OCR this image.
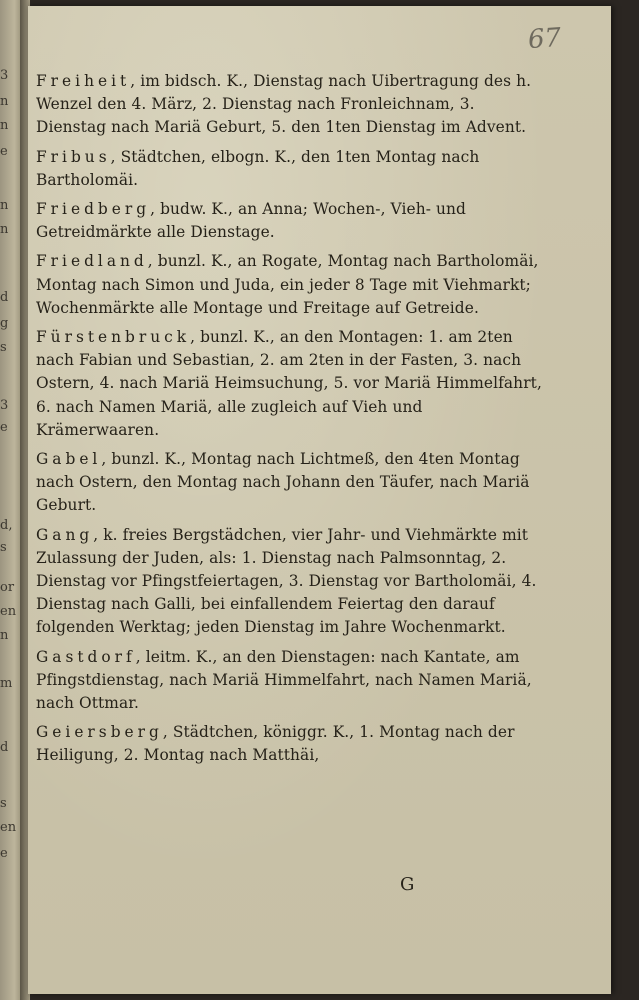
3
n
n
e
n
n
d
g
s
3
e
d,
s
or
en
n
m
d
s
en
e
67

Freiheit, im bidsch. K., Dienstag nach Uibertragung des h. Wenzel den 4. März, 2. Dienstag nach Fronleichnam, 3. Dienstag nach Mariä Geburt, 5. den 1ten Dienstag im Advent.

Fribus, Städtchen, elbogn. K., den 1ten Montag nach Bartholomäi.

Friedberg, budw. K., an Anna; Wochen-, Vieh- und Getreidmärkte alle Dienstage.

Friedland, bunzl. K., an Rogate, Montag nach Bartholomäi, Montag nach Simon und Juda, ein jeder 8 Tage mit Viehmarkt; Wochenmärkte alle Montage und Freitage auf Getreide.

Fürstenbruck, bunzl. K., an den Montagen: 1. am 2ten nach Fabian und Sebastian, 2. am 2ten in der Fasten, 3. nach Ostern, 4. nach Mariä Heimsuchung, 5. vor Mariä Himmelfahrt, 6. nach Namen Mariä, alle zugleich auf Vieh und Krämerwaaren.

Gabel, bunzl. K., Montag nach Lichtmeß, den 4ten Montag nach Ostern, den Montag nach Johann den Täufer, nach Mariä Geburt.

Gang, k. freies Bergstädchen, vier Jahr- und Viehmärkte mit Zulassung der Juden, als: 1. Dienstag nach Palmsonntag, 2. Dienstag vor Pfingstfeiertagen, 3. Dienstag vor Bartholomäi, 4. Dienstag nach Galli, bei einfallendem Feiertag den darauf folgenden Werktag; jeden Dienstag im Jahre Wochenmarkt.

Gastdorf, leitm. K., an den Dienstagen: nach Kantate, am Pfingstdienstag, nach Mariä Himmelfahrt, nach Namen Mariä, nach Ottmar.

Geiersberg, Städtchen, königgr. K., 1. Montag nach der Heiligung, 2. Montag nach Matthäi,

G
